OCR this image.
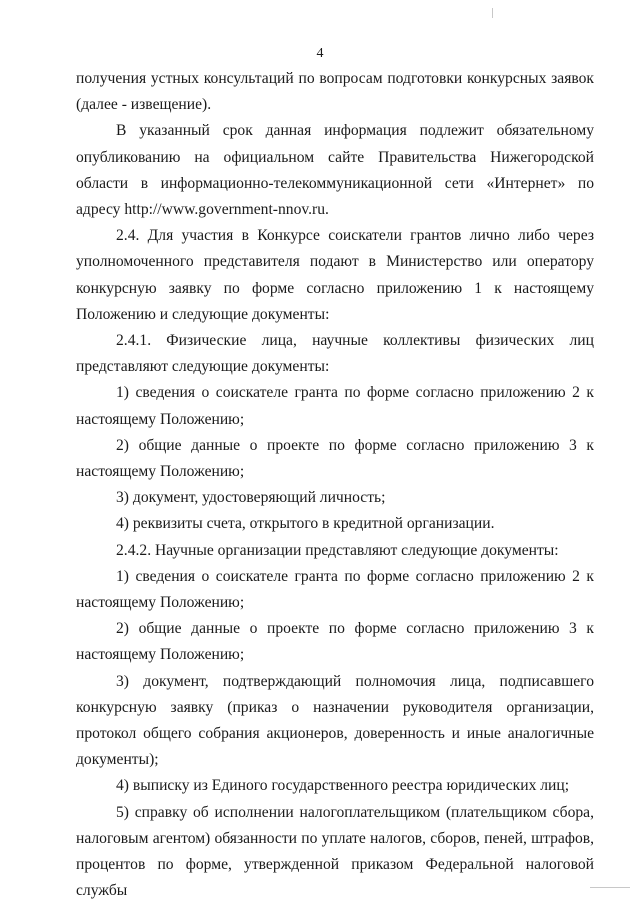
4

получения устных консультаций по вопросам подготовки конкурсных заявок (далее - извещение).

В указанный срок данная информация подлежит обязательному опубликованию на официальном сайте Правительства Нижегородской области в информационно-телекоммуникационной сети «Интернет» по адресу http://www.government-nnov.ru.

2.4. Для участия в Конкурсе соискатели грантов лично либо через уполномоченного представителя подают в Министерство или оператору конкурсную заявку по форме согласно приложению 1 к настоящему Положению и следующие документы:

2.4.1. Физические лица, научные коллективы физических лиц представляют следующие документы:

1) сведения о соискателе гранта по форме согласно приложению 2 к настоящему Положению;

2) общие данные о проекте по форме согласно приложению 3 к настоящему Положению;

3) документ, удостоверяющий личность;

4) реквизиты счета, открытого в кредитной организации.

2.4.2. Научные организации представляют следующие документы:

1) сведения о соискателе гранта по форме согласно приложению 2 к настоящему Положению;

2) общие данные о проекте по форме согласно приложению 3 к настоящему Положению;

3) документ, подтверждающий полномочия лица, подписавшего конкурсную заявку (приказ о назначении руководителя организации, протокол общего собрания акционеров, доверенность и иные аналогичные документы);

4) выписку из Единого государственного реестра юридических лиц;

5) справку об исполнении налогоплательщиком (плательщиком сбора, налоговым агентом) обязанности по уплате налогов, сборов, пеней, штрафов, процентов по форме, утвержденной приказом Федеральной налоговой службы
